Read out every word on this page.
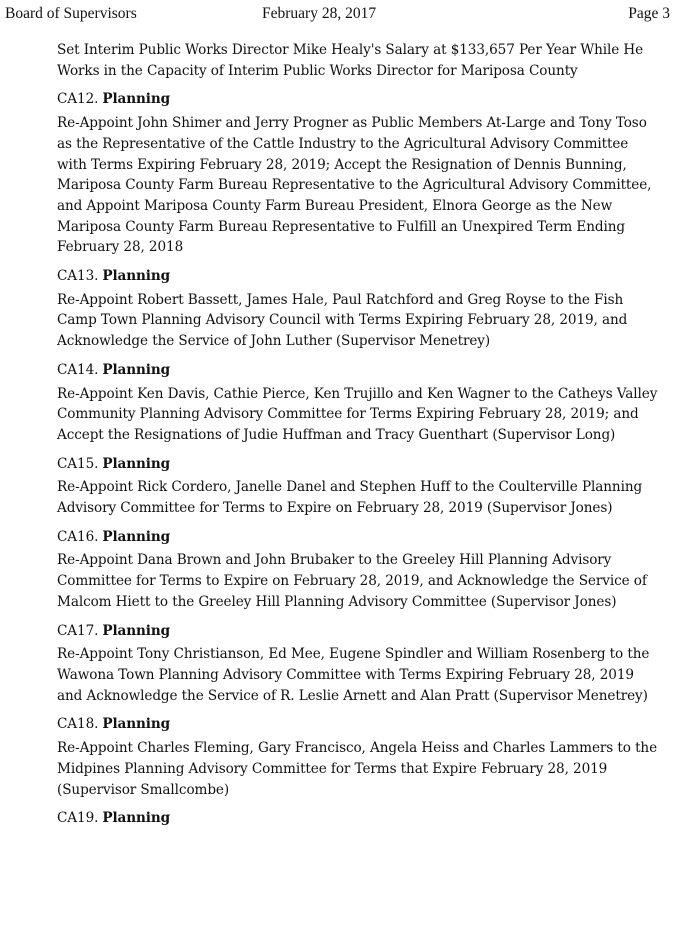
Board of Supervisors	February 28, 2017	Page 3

Set Interim Public Works Director Mike Healy's Salary at $133,657 Per Year While He Works in the Capacity of Interim Public Works Director for Mariposa County

CA12. Planning

Re-Appoint John Shimer and Jerry Progner as Public Members At-Large and Tony Toso as the Representative of the Cattle Industry to the Agricultural Advisory Committee with Terms Expiring February 28, 2019; Accept the Resignation of Dennis Bunning, Mariposa County Farm Bureau Representative to the Agricultural Advisory Committee, and Appoint Mariposa County Farm Bureau President, Elnora George as the New Mariposa County Farm Bureau Representative to Fulfill an Unexpired Term Ending February 28, 2018

CA13. Planning

Re-Appoint Robert Bassett, James Hale, Paul Ratchford and Greg Royse to the Fish Camp Town Planning Advisory Council with Terms Expiring February 28, 2019, and Acknowledge the Service of John Luther (Supervisor Menetrey)

CA14. Planning

Re-Appoint Ken Davis, Cathie Pierce, Ken Trujillo and Ken Wagner to the Catheys Valley Community Planning Advisory Committee for Terms Expiring February 28, 2019; and Accept the Resignations of Judie Huffman and Tracy Guenthart (Supervisor Long)

CA15. Planning

Re-Appoint Rick Cordero, Janelle Danel and Stephen Huff to the Coulterville Planning Advisory Committee for Terms to Expire on February 28, 2019 (Supervisor Jones)

CA16. Planning

Re-Appoint Dana Brown and John Brubaker to the Greeley Hill Planning Advisory Committee for Terms to Expire on February 28, 2019, and Acknowledge the Service of Malcom Hiett to the Greeley Hill Planning Advisory Committee (Supervisor Jones)

CA17. Planning

Re-Appoint Tony Christianson, Ed Mee, Eugene Spindler and William Rosenberg to the Wawona Town Planning Advisory Committee with Terms Expiring February 28, 2019 and Acknowledge the Service of R. Leslie Arnett and Alan Pratt (Supervisor Menetrey)

CA18. Planning

Re-Appoint Charles Fleming, Gary Francisco, Angela Heiss and Charles Lammers to the Midpines Planning Advisory Committee for Terms that Expire February 28, 2019 (Supervisor Smallcombe)

CA19. Planning
